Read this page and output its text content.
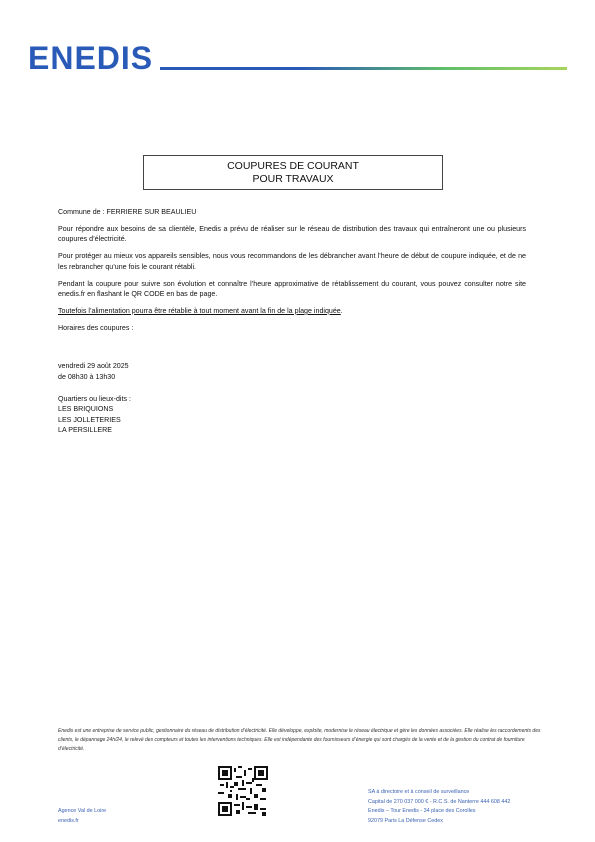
ENEDIS
COUPURES DE COURANT
POUR TRAVAUX

Commune de : FERRIERE SUR BEAULIEU

Pour répondre aux besoins de sa clientèle, Enedis a prévu de réaliser sur le réseau de distribution des travaux qui entraîneront une ou plusieurs coupures d’électricité.

Pour protéger au mieux vos appareils sensibles, nous vous recommandons de les débrancher avant l’heure de début de coupure indiquée, et de ne les rebrancher qu’une fois le courant rétabli.

Pendant la coupure pour suivre son évolution et connaître l’heure approximative de rétablissement du courant, vous pouvez consulter notre site enedis.fr en flashant le QR CODE en bas de page.

Toutefois l’alimentation pourra être rétablie à tout moment avant la fin de la plage indiquée.

Horaires des coupures :

vendredi 29 août 2025
de 08h30 à 13h30
Quartiers ou lieux-dits :
LES BRIQUIONS
LES JOLLETERIES
LA PERSILLERE
Enedis est une entreprise de service public, gestionnaire du réseau de distribution d’électricité. Elle développe, exploite, modernise le réseau électrique et gère les données associées. Elle réalise les raccordements des clients, le dépannage 24h/24, le relevé des compteurs et toutes les interventions techniques. Elle est indépendante des fournisseurs d’énergie qui sont chargés de la vente et de la gestion du contrat de fourniture d’électricité.
Agence Val de Loire
enedis.fr
SA à directoire et à conseil de surveillance
Capital de 270 037 000 € - R.C.S. de Nanterre 444 608 442
Enedis – Tour Enedis - 34 place des Corolles
92079 Paris La Défense Cedex
